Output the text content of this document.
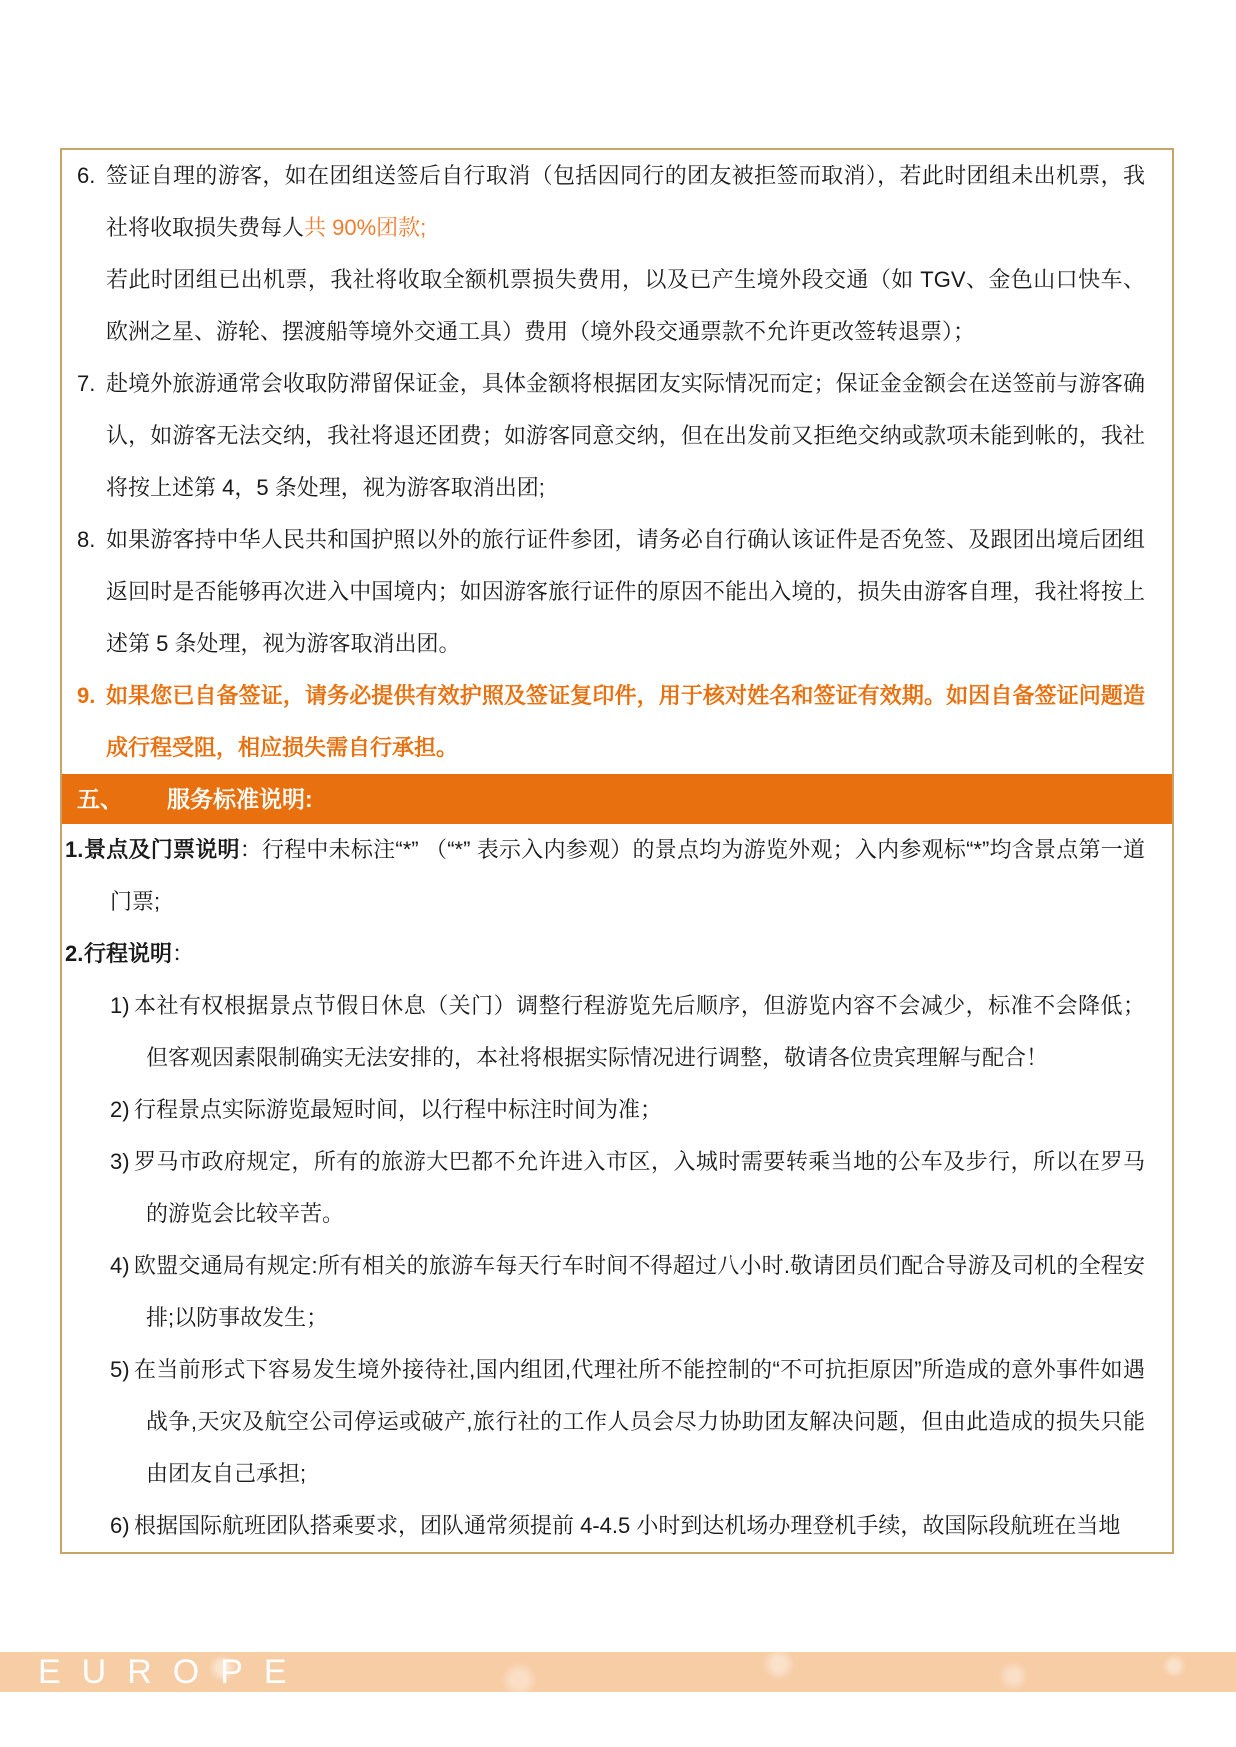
6. 签证自理的游客，如在团组送签后自行取消（包括因同行的团友被拒签而取消），若此时团组未出机票，我社将收取损失费每人共 90%团款;
若此时团组已出机票，我社将收取全额机票损失费用，以及已产生境外段交通（如 TGV、金色山口快车、欧洲之星、游轮、摆渡船等境外交通工具）费用（境外段交通票款不允许更改签转退票）；
7. 赴境外旅游通常会收取防滞留保证金，具体金额将根据团友实际情况而定；保证金金额会在送签前与游客确认，如游客无法交纳，我社将退还团费；如游客同意交纳，但在出发前又拒绝交纳或款项未能到帐的，我社将按上述第 4，5 条处理，视为游客取消出团;
8. 如果游客持中华人民共和国护照以外的旅行证件参团，请务必自行确认该证件是否免签、及跟团出境后团组返回时是否能够再次进入中国境内；如因游客旅行证件的原因不能出入境的，损失由游客自理，我社将按上述第 5 条处理，视为游客取消出团。
9. 如果您已自备签证，请务必提供有效护照及签证复印件，用于核对姓名和签证有效期。如因自备签证问题造成行程受阻，相应损失需自行承担。
五、 服务标准说明:
1. 景点及门票说明：行程中未标注“*” （“*” 表示入内参观）的景点均为游览外观；入内参观标“*”均含景点第一道门票;
2. 行程说明：
1) 本社有权根据景点节假日休息（关门）调整行程游览先后顺序，但游览内容不会减少，标准不会降低；但客观因素限制确实无法安排的，本社将根据实际情况进行调整，敬请各位贵宾理解与配合！
2) 行程景点实际游览最短时间，以行程中标注时间为准；
3) 罗马市政府规定，所有的旅游大巴都不允许进入市区，入城时需要转乘当地的公车及步行，所以在罗马的游览会比较辛苦。
4) 欧盟交通局有规定:所有相关的旅游车每天行车时间不得超过八小时.敬请团员们配合导游及司机的全程安排;以防事故发生；
5) 在当前形式下容易发生境外接待社,国内组团,代理社所不能控制的“不可抗拒原因”所造成的意外事件如遇战争,天灾及航空公司停运或破产,旅行社的工作人员会尽力协助团友解决问题，但由此造成的损失只能由团友自己承担;
6) 根据国际航班团队搭乘要求，团队通常须提前 4-4.5 小时到达机场办理登机手续，故国际段航班在当地
EUROPE
